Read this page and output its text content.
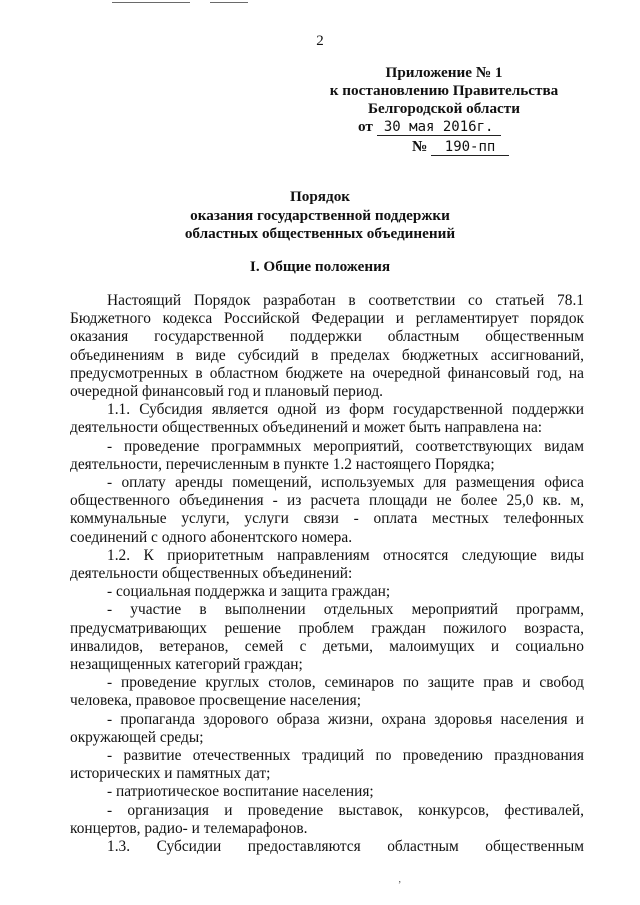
2
Приложение № 1
к постановлению Правительства
Белгородской области
от 30 мая 2016г.
№ 190-пп
Порядок
оказания государственной поддержки
областных общественных объединений
I. Общие положения

Настоящий Порядок разработан в соответствии со статьей 78.1 Бюджетного кодекса Российской Федерации и регламентирует порядок оказания государственной поддержки областным общественным объединениям в виде субсидий в пределах бюджетных ассигнований, предусмотренных в областном бюджете на очередной финансовый год, на очередной финансовый год и плановый период.

1.1. Субсидия является одной из форм государственной поддержки деятельности общественных объединений и может быть направлена на:

- проведение программных мероприятий, соответствующих видам деятельности, перечисленным в пункте 1.2 настоящего Порядка;

- оплату аренды помещений, используемых для размещения офиса общественного объединения - из расчета площади не более 25,0 кв. м, коммунальные услуги, услуги связи - оплата местных телефонных соединений с одного абонентского номера.

1.2. К приоритетным направлениям относятся следующие виды деятельности общественных объединений:

- социальная поддержка и защита граждан;

- участие в выполнении отдельных мероприятий программ, предусматривающих решение проблем граждан пожилого возраста, инвалидов, ветеранов, семей с детьми, малоимущих и социально незащищенных категорий граждан;

- проведение круглых столов, семинаров по защите прав и свобод человека, правовое просвещение населения;

- пропаганда здорового образа жизни, охрана здоровья населения и окружающей среды;

- развитие отечественных традиций по проведению празднования исторических и памятных дат;

- патриотическое воспитание населения;

- организация и проведение выставок, конкурсов, фестивалей, концертов, радио- и телемарафонов.

1.3. Субсидии предоставляются областным общественным

ʼ
